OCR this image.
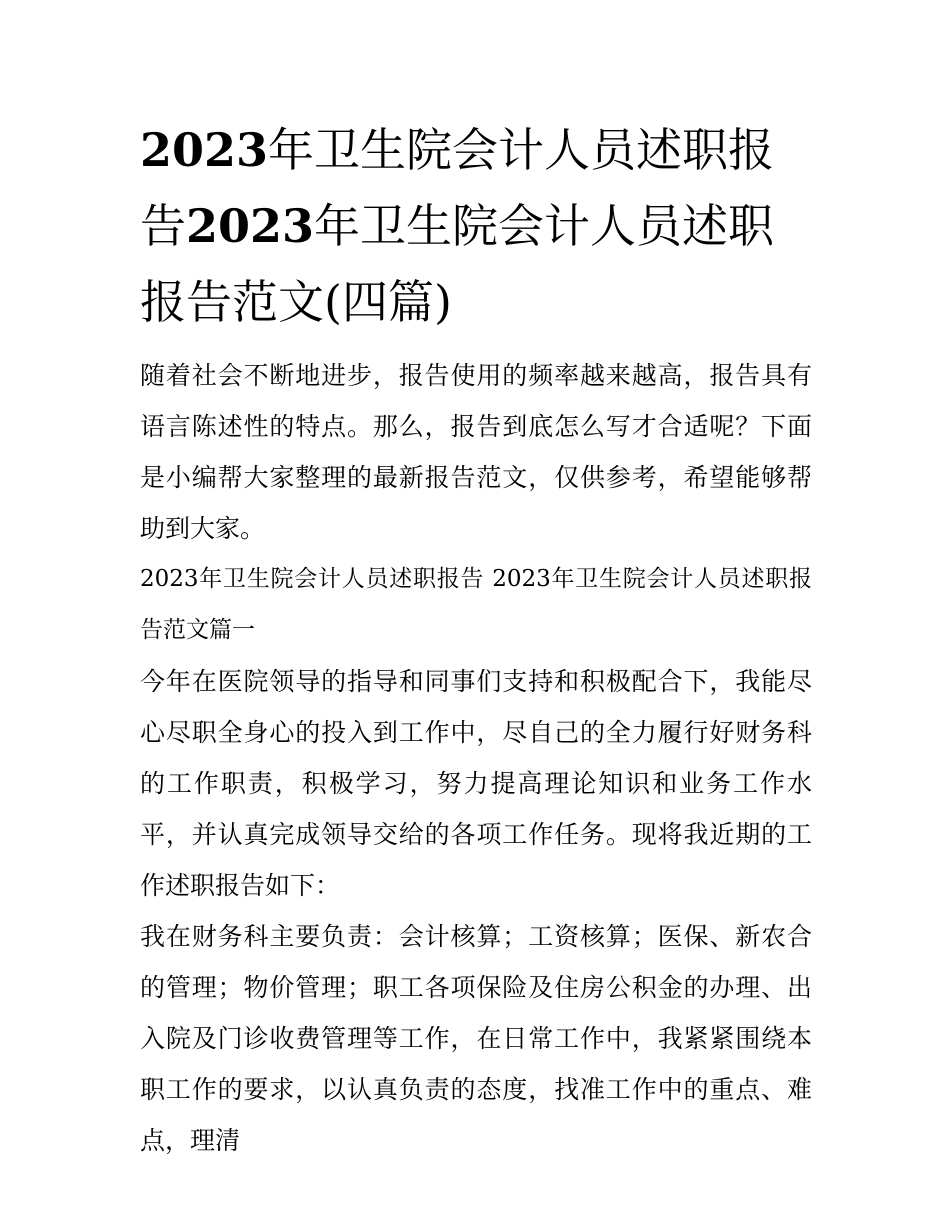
2023年卫生院会计人员述职报告2023年卫生院会计人员述职报告范文(四篇)

随着社会不断地进步，报告使用的频率越来越高，报告具有语言陈述性的特点。那么，报告到底怎么写才合适呢？下面是小编帮大家整理的最新报告范文，仅供参考，希望能够帮助到大家。

2023年卫生院会计人员述职报告 2023年卫生院会计人员述职报告范文篇一

今年在医院领导的指导和同事们支持和积极配合下，我能尽心尽职全身心的投入到工作中，尽自己的全力履行好财务科的工作职责，积极学习，努力提高理论知识和业务工作水平，并认真完成领导交给的各项工作任务。现将我近期的工作述职报告如下：

我在财务科主要负责：会计核算；工资核算；医保、新农合的管理；物价管理；职工各项保险及住房公积金的办理、出入院及门诊收费管理等工作，在日常工作中，我紧紧围绕本职工作的要求，以认真负责的态度，找准工作中的重点、难点，理清
